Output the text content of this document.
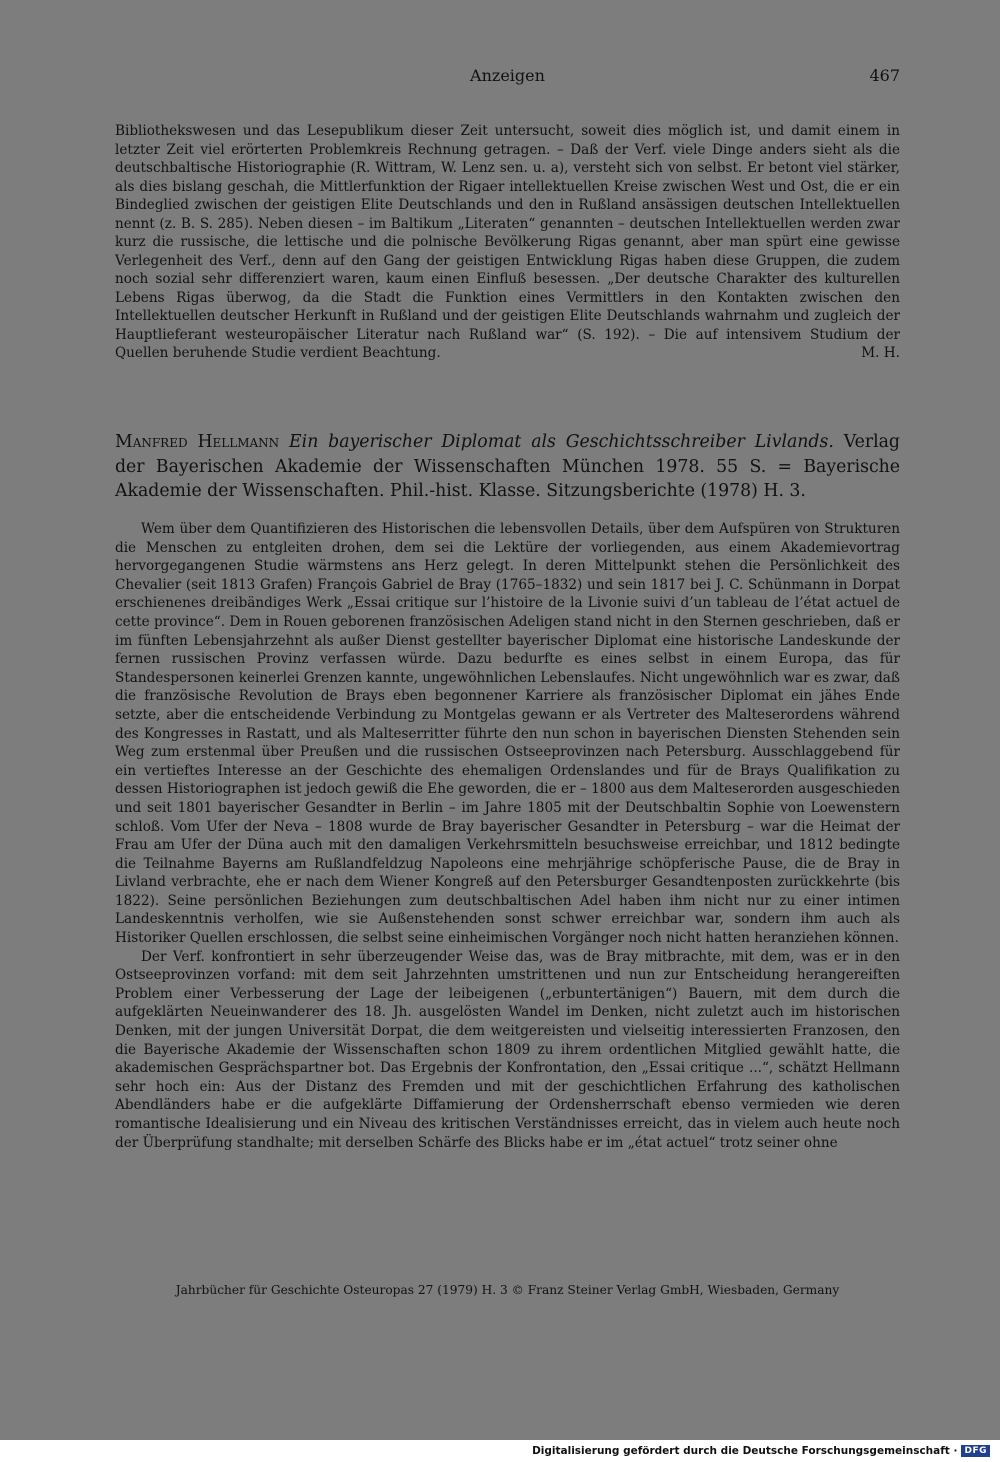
Anzeigen	467

Bibliothekswesen und das Lesepublikum dieser Zeit untersucht, soweit dies möglich ist, und damit einem in letzter Zeit viel erörterten Problemkreis Rechnung getragen. – Daß der Verf. viele Dinge anders sieht als die deutschbaltische Historiographie (R. Wittram, W. Lenz sen. u. a), versteht sich von selbst. Er betont viel stärker, als dies bislang geschah, die Mittlerfunktion der Rigaer intellektuellen Kreise zwischen West und Ost, die er ein Bindeglied zwischen der geistigen Elite Deutschlands und den in Rußland ansässigen deutschen Intellektuellen nennt (z. B. S. 285). Neben diesen – im Baltikum „Literaten“ genannten – deutschen Intellektuellen werden zwar kurz die russische, die lettische und die polnische Bevölkerung Rigas genannt, aber man spürt eine gewisse Verlegenheit des Verf., denn auf den Gang der geistigen Entwicklung Rigas haben diese Gruppen, die zudem noch sozial sehr differenziert waren, kaum einen Einfluß besessen. „Der deutsche Charakter des kulturellen Lebens Rigas überwog, da die Stadt die Funktion eines Vermittlers in den Kontakten zwischen den Intellektuellen deutscher Herkunft in Rußland und der geistigen Elite Deutschlands wahrnahm und zugleich der Hauptlieferant westeuropäischer Literatur nach Rußland war“ (S. 192). – Die auf intensivem Studium der Quellen beruhende Studie verdient Beachtung.	M. H.

Manfred Hellmann Ein bayerischer Diplomat als Geschichtsschreiber Livlands. Verlag der Bayerischen Akademie der Wissenschaften München 1978. 55 S. = Bayerische Akademie der Wissenschaften. Phil.-hist. Klasse. Sitzungsberichte (1978) H. 3.

Wem über dem Quantifizieren des Historischen die lebensvollen Details, über dem Aufspüren von Strukturen die Menschen zu entgleiten drohen, dem sei die Lektüre der vorliegenden, aus einem Akademievortrag hervorgegangenen Studie wärmstens ans Herz gelegt. In deren Mittelpunkt stehen die Persönlichkeit des Chevalier (seit 1813 Grafen) François Gabriel de Bray (1765–1832) und sein 1817 bei J. C. Schünmann in Dorpat erschienenes dreibändiges Werk „Essai critique sur l’histoire de la Livonie suivi d’un tableau de l’état actuel de cette province“. Dem in Rouen geborenen französischen Adeligen stand nicht in den Sternen geschrieben, daß er im fünften Lebensjahrzehnt als außer Dienst gestellter bayerischer Diplomat eine historische Landeskunde der fernen russischen Provinz verfassen würde. Dazu bedurfte es eines selbst in einem Europa, das für Standespersonen keinerlei Grenzen kannte, ungewöhnlichen Lebenslaufes. Nicht ungewöhnlich war es zwar, daß die französische Revolution de Brays eben begonnener Karriere als französischer Diplomat ein jähes Ende setzte, aber die entscheidende Verbindung zu Montgelas gewann er als Vertreter des Malteserordens während des Kongresses in Rastatt, und als Malteserritter führte den nun schon in bayerischen Diensten Stehenden sein Weg zum erstenmal über Preußen und die russischen Ostseeprovinzen nach Petersburg. Ausschlaggebend für ein vertieftes Interesse an der Geschichte des ehemaligen Ordenslandes und für de Brays Qualifikation zu dessen Historiographen ist jedoch gewiß die Ehe geworden, die er – 1800 aus dem Malteserorden ausgeschieden und seit 1801 bayerischer Gesandter in Berlin – im Jahre 1805 mit der Deutschbaltin Sophie von Loewenstern schloß. Vom Ufer der Neva – 1808 wurde de Bray bayerischer Gesandter in Petersburg – war die Heimat der Frau am Ufer der Düna auch mit den damaligen Verkehrsmitteln besuchsweise erreichbar, und 1812 bedingte die Teilnahme Bayerns am Rußlandfeldzug Napoleons eine mehrjährige schöpferische Pause, die de Bray in Livland verbrachte, ehe er nach dem Wiener Kongreß auf den Petersburger Gesandtenposten zurückkehrte (bis 1822). Seine persönlichen Beziehungen zum deutschbaltischen Adel haben ihm nicht nur zu einer intimen Landeskenntnis verholfen, wie sie Außenstehenden sonst schwer erreichbar war, sondern ihm auch als Historiker Quellen erschlossen, die selbst seine einheimischen Vorgänger noch nicht hatten heranziehen können.

Der Verf. konfrontiert in sehr überzeugender Weise das, was de Bray mitbrachte, mit dem, was er in den Ostseeprovinzen vorfand: mit dem seit Jahrzehnten umstrittenen und nun zur Entscheidung herangereiften Problem einer Verbesserung der Lage der leibeigenen („erbuntertänigen“) Bauern, mit dem durch die aufgeklärten Neueinwanderer des 18. Jh. ausgelösten Wandel im Denken, nicht zuletzt auch im historischen Denken, mit der jungen Universität Dorpat, die dem weitgereisten und vielseitig interessierten Franzosen, den die Bayerische Akademie der Wissenschaften schon 1809 zu ihrem ordentlichen Mitglied gewählt hatte, die akademischen Gesprächspartner bot. Das Ergebnis der Konfrontation, den „Essai critique ...“, schätzt Hellmann sehr hoch ein: Aus der Distanz des Fremden und mit der geschichtlichen Erfahrung des katholischen Abendländers habe er die aufgeklärte Diffamierung der Ordensherrschaft ebenso vermieden wie deren romantische Idealisierung und ein Niveau des kritischen Verständnisses erreicht, das in vielem auch heute noch der Überprüfung standhalte; mit derselben Schärfe des Blicks habe er im „état actuel“ trotz seiner ohne

Jahrbücher für Geschichte Osteuropas 27 (1979) H. 3 © Franz Steiner Verlag GmbH, Wiesbaden, Germany
Digitalisierung gefördert durch die Deutsche Forschungsgemeinschaft · DFG
